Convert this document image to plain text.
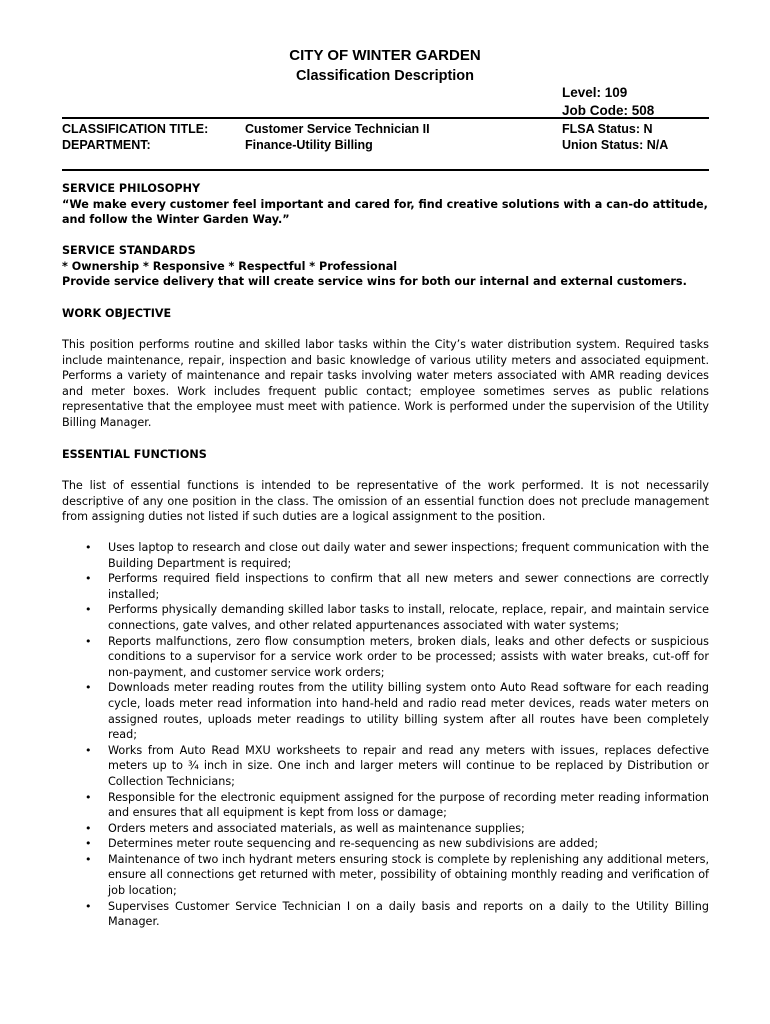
CITY OF WINTER GARDEN
Classification Description
Level: 109
Job Code: 508
CLASSIFICATION TITLE:
DEPARTMENT:
Customer Service Technician II
Finance-Utility Billing
FLSA Status: N
Union Status: N/A
SERVICE PHILOSOPHY
“We make every customer feel important and cared for, find creative solutions with a can-do attitude, and follow the Winter Garden Way.”
SERVICE STANDARDS
* Ownership * Responsive * Respectful * Professional
Provide service delivery that will create service wins for both our internal and external customers.
WORK OBJECTIVE
This position performs routine and skilled labor tasks within the City’s water distribution system. Required tasks include maintenance, repair, inspection and basic knowledge of various utility meters and associated equipment. Performs a variety of maintenance and repair tasks involving water meters associated with AMR reading devices and meter boxes. Work includes frequent public contact; employee sometimes serves as public relations representative that the employee must meet with patience. Work is performed under the supervision of the Utility Billing Manager.
ESSENTIAL FUNCTIONS
The list of essential functions is intended to be representative of the work performed. It is not necessarily descriptive of any one position in the class. The omission of an essential function does not preclude management from assigning duties not listed if such duties are a logical assignment to the position.
• Uses laptop to research and close out daily water and sewer inspections; frequent communication with the Building Department is required;
• Performs required field inspections to confirm that all new meters and sewer connections are correctly installed;
• Performs physically demanding skilled labor tasks to install, relocate, replace, repair, and maintain service connections, gate valves, and other related appurtenances associated with water systems;
• Reports malfunctions, zero flow consumption meters, broken dials, leaks and other defects or suspicious conditions to a supervisor for a service work order to be processed; assists with water breaks, cut-off for non-payment, and customer service work orders;
• Downloads meter reading routes from the utility billing system onto Auto Read software for each reading cycle, loads meter read information into hand-held and radio read meter devices, reads water meters on assigned routes, uploads meter readings to utility billing system after all routes have been completely read;
• Works from Auto Read MXU worksheets to repair and read any meters with issues, replaces defective meters up to ¾ inch in size. One inch and larger meters will continue to be replaced by Distribution or Collection Technicians;
• Responsible for the electronic equipment assigned for the purpose of recording meter reading information and ensures that all equipment is kept from loss or damage;
• Orders meters and associated materials, as well as maintenance supplies;
• Determines meter route sequencing and re-sequencing as new subdivisions are added;
• Maintenance of two inch hydrant meters ensuring stock is complete by replenishing any additional meters, ensure all connections get returned with meter, possibility of obtaining monthly reading and verification of job location;
• Supervises Customer Service Technician I on a daily basis and reports on a daily to the Utility Billing Manager.
